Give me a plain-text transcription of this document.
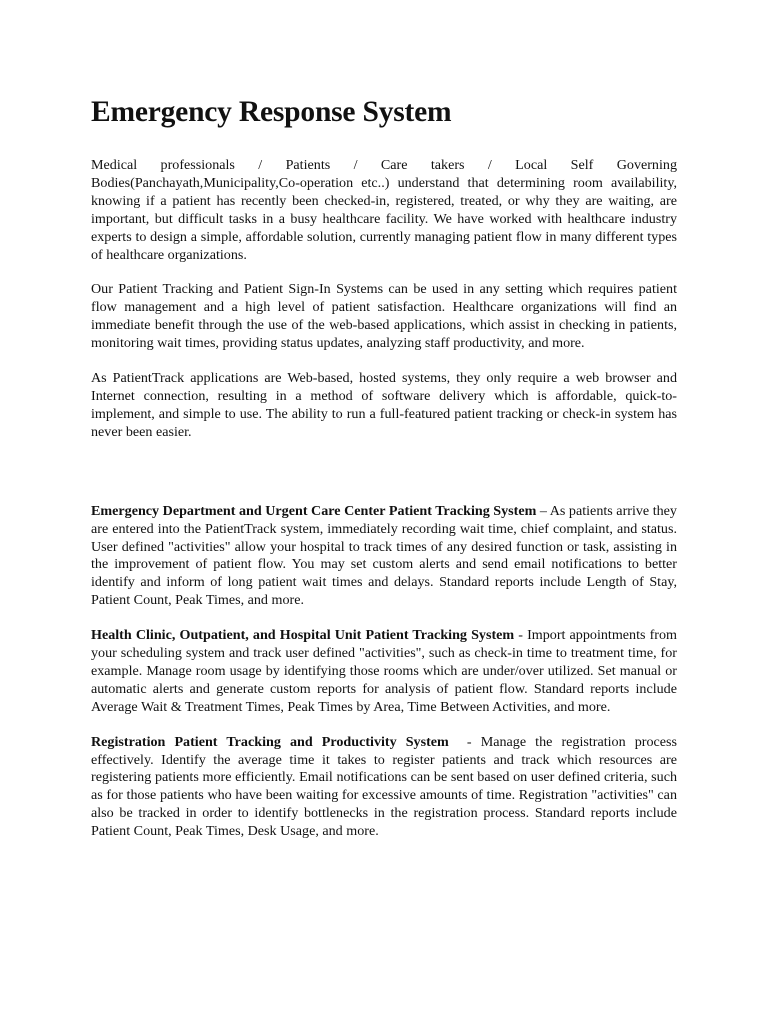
Emergency Response System

Medical professionals / Patients / Care takers / Local Self Governing Bodies(Panchayath,Municipality,Co-operation etc..) understand that determining room availability, knowing if a patient has recently been checked-in, registered, treated, or why they are waiting, are important, but difficult tasks in a busy healthcare facility. We have worked with healthcare industry experts to design a simple, affordable solution, currently managing patient flow in many different types of healthcare organizations.

Our Patient Tracking and Patient Sign-In Systems can be used in any setting which requires patient flow management and a high level of patient satisfaction. Healthcare organizations will find an immediate benefit through the use of the web-based applications, which assist in checking in patients, monitoring wait times, providing status updates, analyzing staff productivity, and more.

As PatientTrack applications are Web-based, hosted systems, they only require a web browser and Internet connection, resulting in a method of software delivery which is affordable, quick-to-implement, and simple to use. The ability to run a full-featured patient tracking or check-in system has never been easier.

Emergency Department and Urgent Care Center Patient Tracking System – As patients arrive they are entered into the PatientTrack system, immediately recording wait time, chief complaint, and status. User defined "activities" allow your hospital to track times of any desired function or task, assisting in the improvement of patient flow. You may set custom alerts and send email notifications to better identify and inform of long patient wait times and delays. Standard reports include Length of Stay, Patient Count, Peak Times, and more.

Health Clinic, Outpatient, and Hospital Unit Patient Tracking System - Import appointments from your scheduling system and track user defined "activities", such as check-in time to treatment time, for example. Manage room usage by identifying those rooms which are under/over utilized. Set manual or automatic alerts and generate custom reports for analysis of patient flow. Standard reports include Average Wait & Treatment Times, Peak Times by Area, Time Between Activities, and more.

Registration Patient Tracking and Productivity System  - Manage the registration process effectively. Identify the average time it takes to register patients and track which resources are registering patients more efficiently. Email notifications can be sent based on user defined criteria, such as for those patients who have been waiting for excessive amounts of time. Registration "activities" can also be tracked in order to identify bottlenecks in the registration process. Standard reports include Patient Count, Peak Times, Desk Usage, and more.
